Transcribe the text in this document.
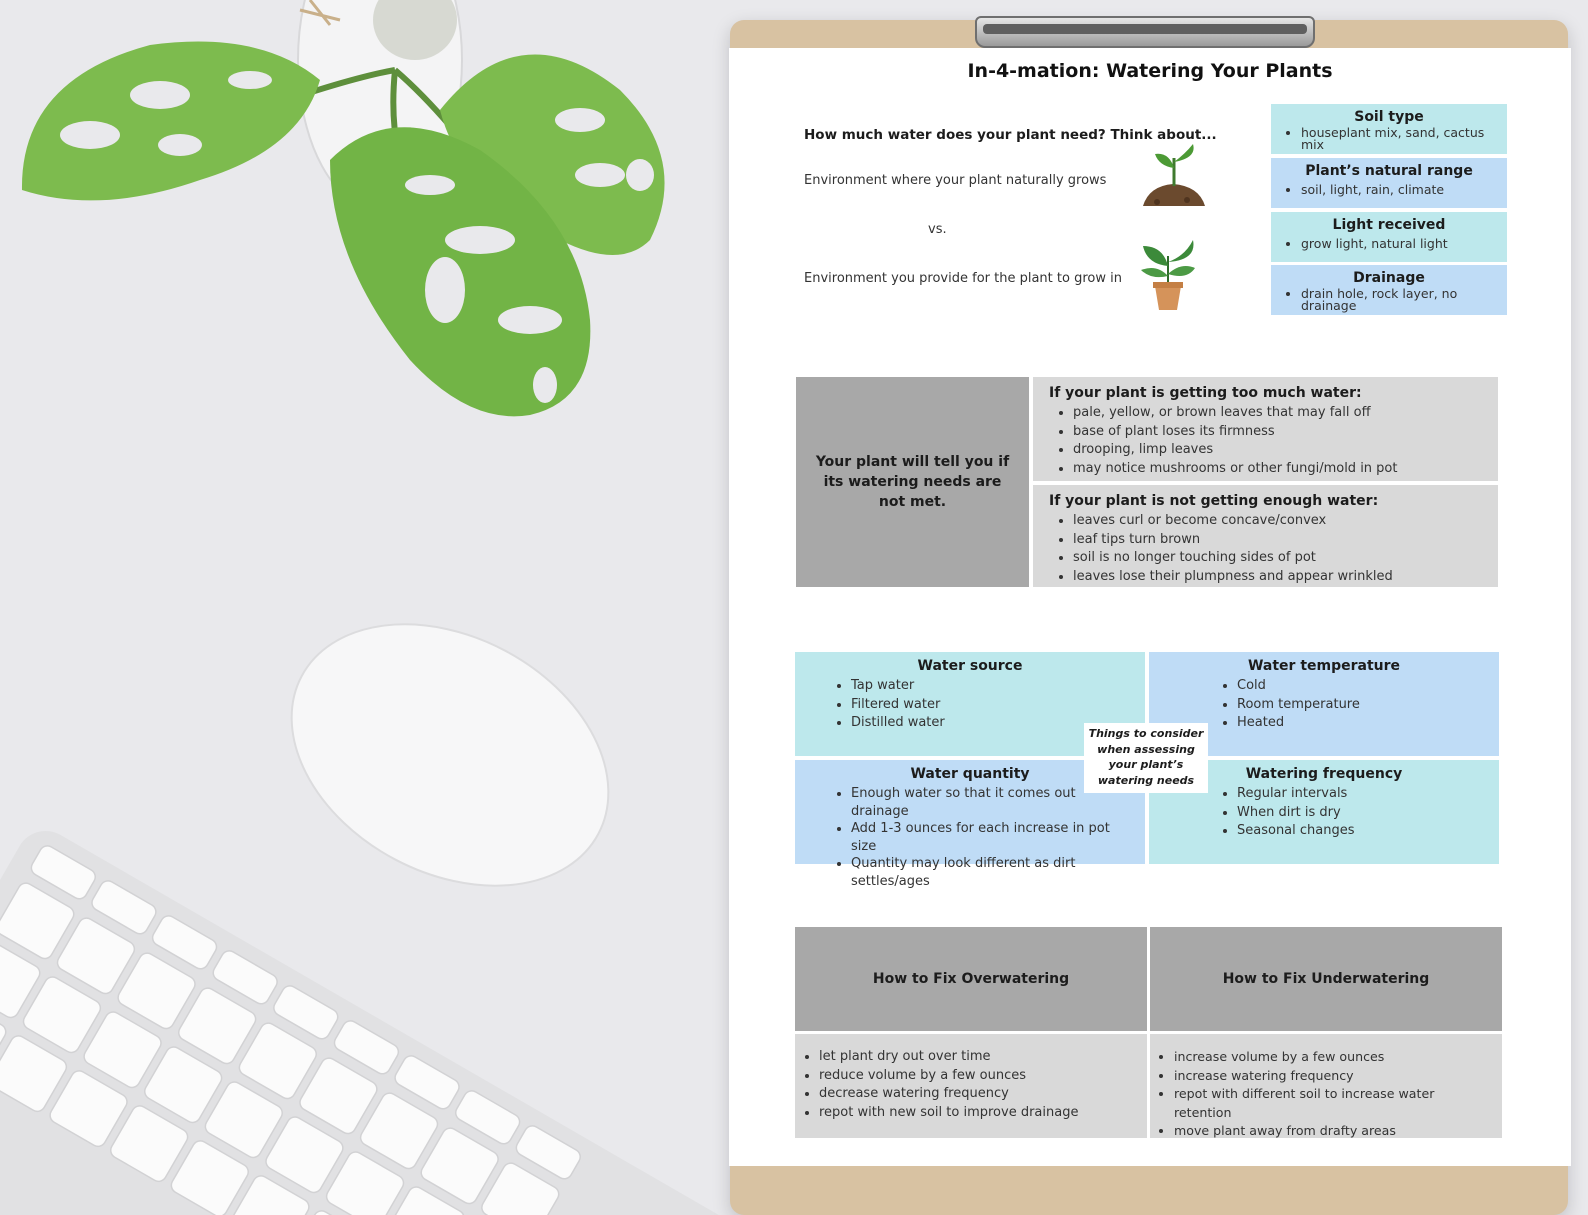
In-4-mation: Watering Your Plants
How much water does your plant need? Think about...
Environment where your plant naturally grows
vs.
Environment you provide for the plant to grow in
Soil type
• houseplant mix, sand, cactus mix
Plant’s natural range
• soil, light, rain, climate
Light received
• grow light, natural light
Drainage
• drain hole, rock layer, no drainage
Your plant will tell you if its watering needs are not met.
If your plant is getting too much water:
• pale, yellow, or brown leaves that may fall off
• base of plant loses its firmness
• drooping, limp leaves
• may notice mushrooms or other fungi/mold in pot
If your plant is not getting enough water:
• leaves curl or become concave/convex
• leaf tips turn brown
• soil is no longer touching sides of pot
• leaves lose their plumpness and appear wrinkled
Water source
• Tap water
• Filtered water
• Distilled water
Water temperature
• Cold
• Room temperature
• Heated
Water quantity
• Enough water so that it comes out drainage
• Add 1-3 ounces for each increase in pot size
• Quantity may look different as dirt settles/ages
Watering frequency
• Regular intervals
• When dirt is dry
• Seasonal changes
Things to consider when assessing your plant’s watering needs
How to Fix Overwatering	How to Fix Underwatering
• let plant dry out over time
• reduce volume by a few ounces
• decrease watering frequency
• repot with new soil to improve drainage
• increase volume by a few ounces
• increase watering frequency
• repot with different soil to increase water retention
• move plant away from drafty areas
